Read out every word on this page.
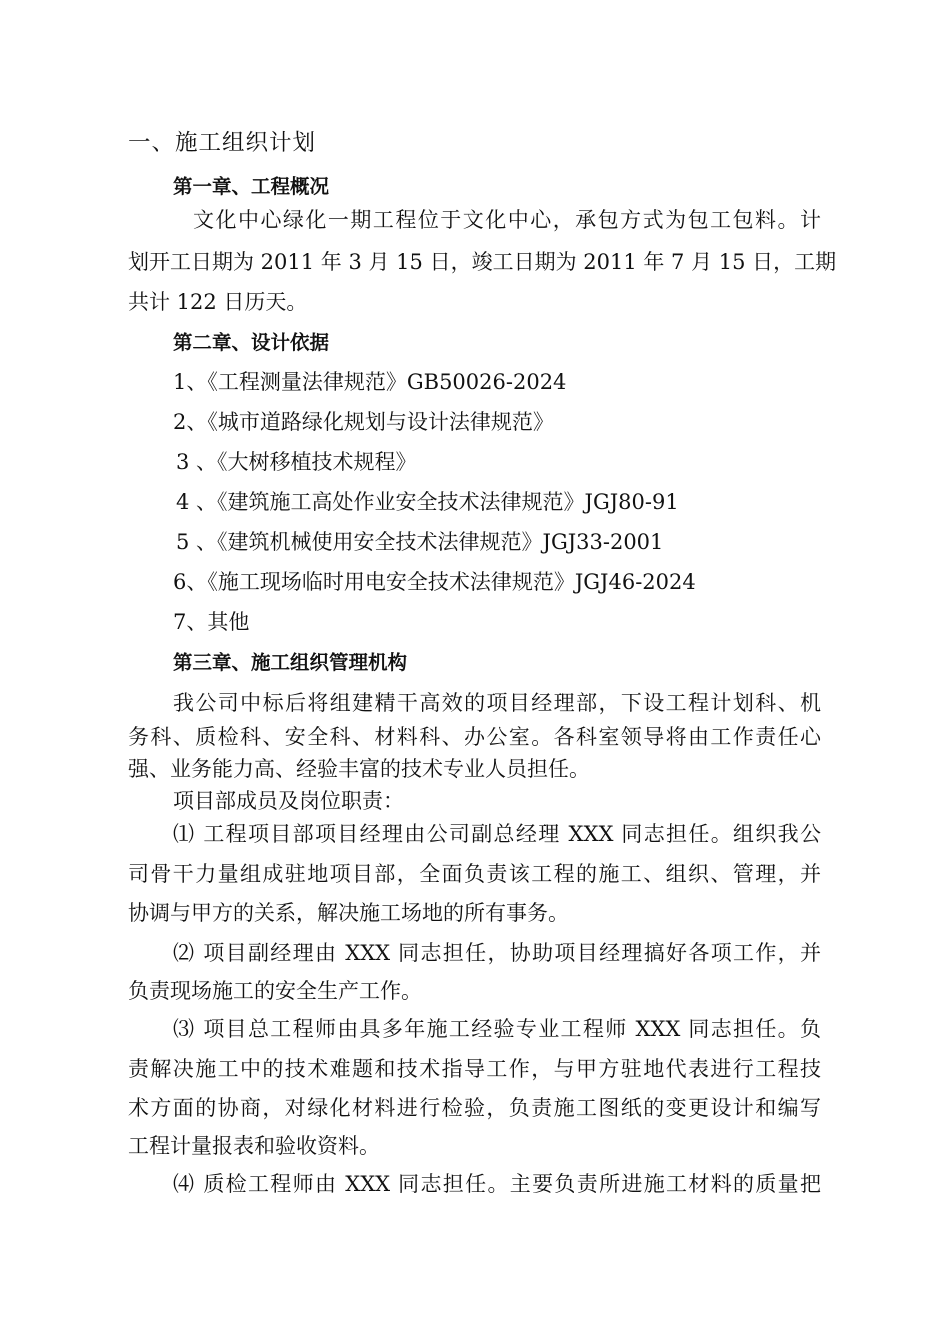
一、施工组织计划

第一章、工程概况

文化中心绿化一期工程位于文化中心，承包方式为包工包料。计

划开工日期为 2011 年 3 月 15 日，竣工日期为 2011 年 7 月 15 日，工期

共计 122 日历天。

第二章、设计依据

1、《工程测量法律规范》GB50026-2024

2、《城市道路绿化规划与设计法律规范》

3 、《大树移植技术规程》

4 、《建筑施工高处作业安全技术法律规范》JGJ80-91

5 、《建筑机械使用安全技术法律规范》JGJ33-2001

6、《施工现场临时用电安全技术法律规范》JGJ46-2024

7、其他

第三章、施工组织管理机构

我公司中标后将组建精干高效的项目经理部，下设工程计划科、机

务科、质检科、安全科、材料科、办公室。各科室领导将由工作责任心

强、业务能力高、经验丰富的技术专业人员担任。

项目部成员及岗位职责：

⑴ 工程项目部项目经理由公司副总经理 XXX 同志担任。组织我公

司骨干力量组成驻地项目部，全面负责该工程的施工、组织、管理，并

协调与甲方的关系，解决施工场地的所有事务。

⑵ 项目副经理由 XXX 同志担任，协助项目经理搞好各项工作，并

负责现场施工的安全生产工作。

⑶ 项目总工程师由具多年施工经验专业工程师 XXX 同志担任。负

责解决施工中的技术难题和技术指导工作，与甲方驻地代表进行工程技

术方面的协商，对绿化材料进行检验，负责施工图纸的变更设计和编写

工程计量报表和验收资料。

⑷ 质检工程师由 XXX 同志担任。主要负责所进施工材料的质量把
